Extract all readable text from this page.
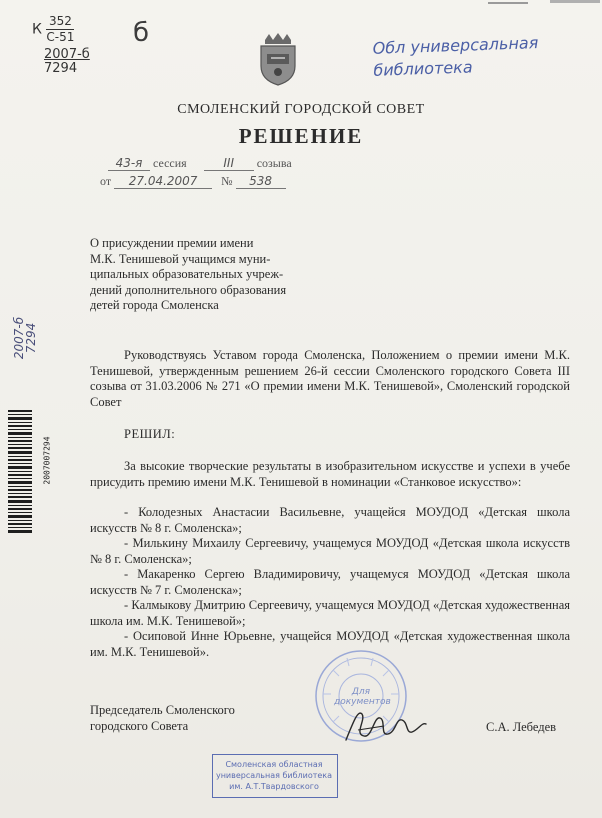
К $\frac{352}{С-51}$
2007-б
7294
б	Обл универсальная
библиотека
СМОЛЕНСКИЙ ГОРОДСКОЙ СОВЕТ
РЕШЕНИЕ
43-я сессия	III созыва
от 27.04.2007 № 538
О присуждении премии имени
М.К. Тенишевой учащимся муни-
ципальных образовательных учреж-
дений дополнительного образования
детей города Смоленска
2007-б 7294
2007007294
Руководствуясь Уставом города Смоленска, Положением о премии имени М.К. Тенишевой, утвержденным решением 26-й сессии Смоленского городского Совета III созыва от 31.03.2006 № 271 «О премии имени М.К. Тенишевой», Смоленский городской Совет
РЕШИЛ:
За высокие творческие результаты в изобразительном искусстве и успехи в учебе присудить премию имени М.К. Тенишевой в номинации «Станковое искусство»:

- Колодезных Анастасии Васильевне, учащейся МОУДОД «Детская школа искусств № 8 г. Смоленска»;

- Милькину Михаилу Сергеевичу, учащемуся МОУДОД «Детская школа искусств № 8 г. Смоленска»;

- Макаренко Сергею Владимировичу, учащемуся МОУДОД «Детская школа искусств № 7 г. Смоленска»;

- Калмыкову Дмитрию Сергеевичу, учащемуся МОУДОД «Детская художественная школа им. М.К. Тенишевой»;

- Осиповой Инне Юрьевне, учащейся МОУДОД «Детская художественная школа им. М.К. Тенишевой».

Для
документов
Председатель Смоленского
городского Совета	С.А. Лебедев
Смоленская областная
универсальная библиотека
им. А.Т.Твардовского
